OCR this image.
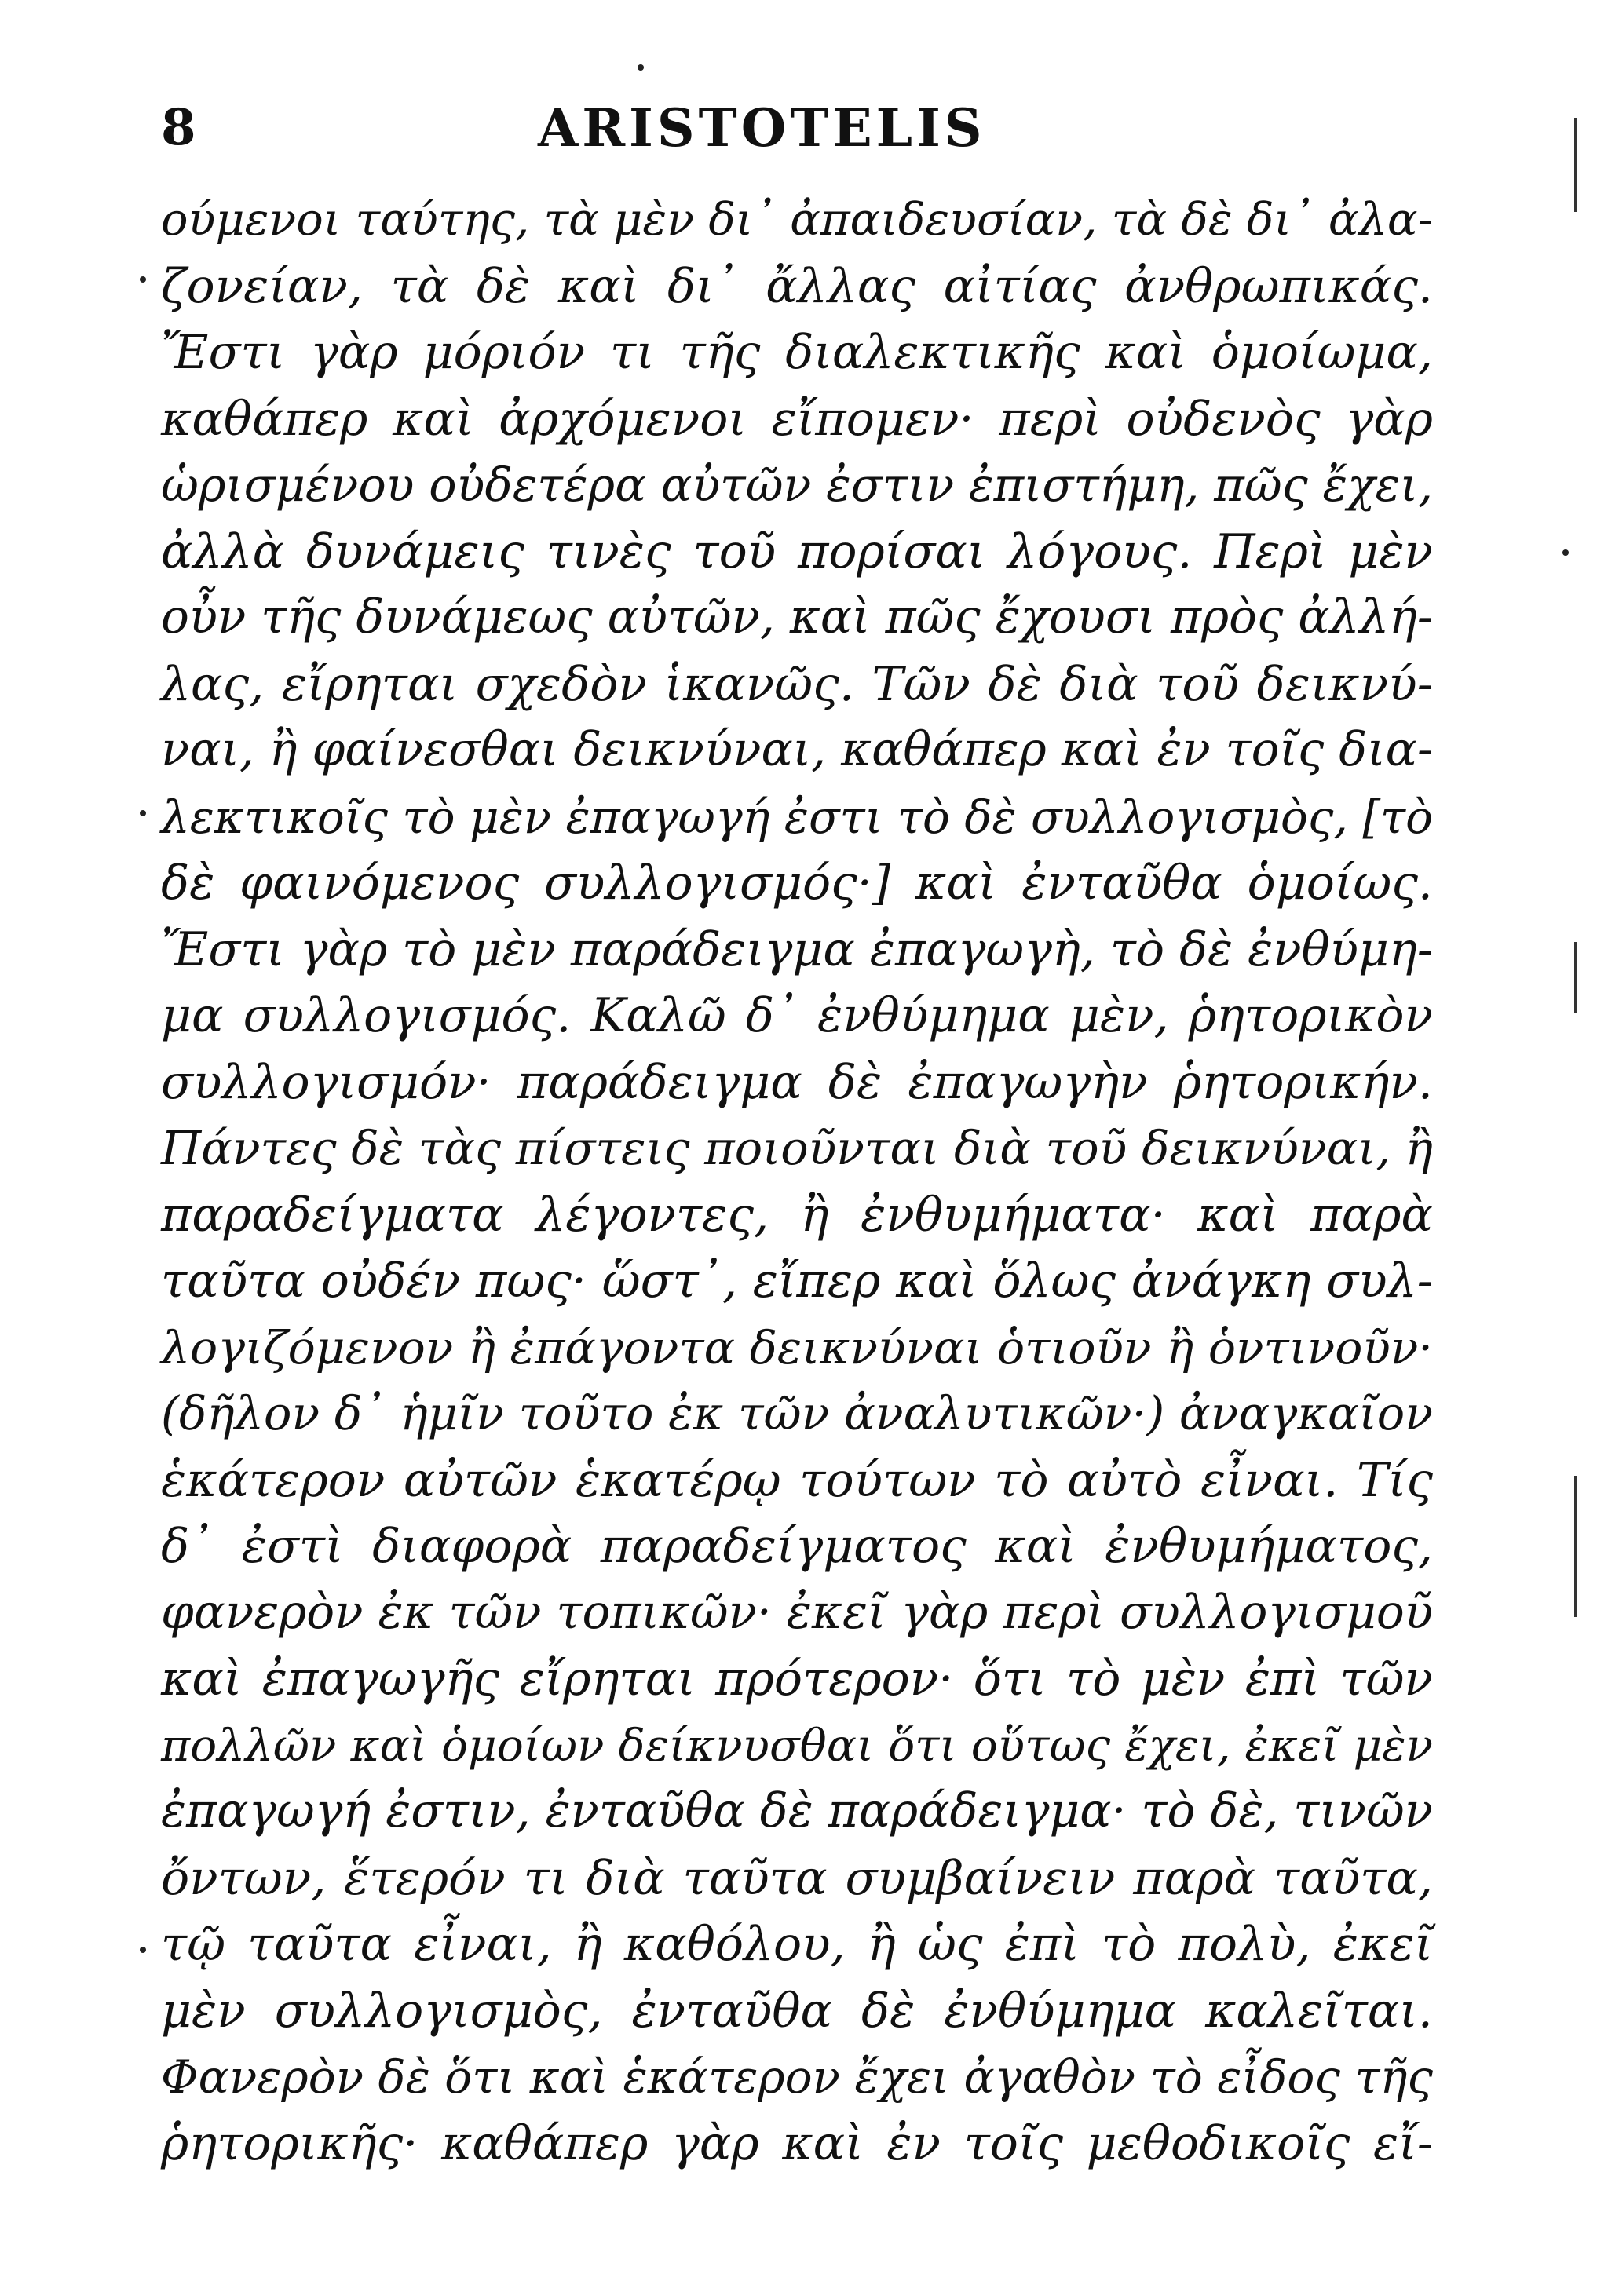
8	ARISTOTELIS
ούμενοι ταύτης, τὰ μὲν δι᾽ ἀπαιδευσίαν, τὰ δὲ δι᾽ ἀλα-
ζονείαν, τὰ δὲ καὶ δι᾽ ἄλλας αἰτίας ἀνθρωπικάς.
Ἔστι γὰρ μόριόν τι τῆς διαλεκτικῆς καὶ ὁμοίωμα,
καθάπερ καὶ ἀρχόμενοι εἴπομεν· περὶ οὐδενὸς γὰρ
ὡρισμένου οὐδετέρα αὐτῶν ἐστιν ἐπιστήμη, πῶς ἔχει,
ἀλλὰ δυνάμεις τινὲς τοῦ πορίσαι λόγους. Περὶ μὲν
οὖν τῆς δυνάμεως αὐτῶν, καὶ πῶς ἔχουσι πρὸς ἀλλή-
λας, εἴρηται σχεδὸν ἱκανῶς. Τῶν δὲ διὰ τοῦ δεικνύ-
ναι, ἢ φαίνεσθαι δεικνύναι, καθάπερ καὶ ἐν τοῖς δια-
λεκτικοῖς τὸ μὲν ἐπαγωγή ἐστι τὸ δὲ συλλογισμὸς, [τὸ
δὲ φαινόμενος συλλογισμός·] καὶ ἐνταῦθα ὁμοίως.
Ἔστι γὰρ τὸ μὲν παράδειγμα ἐπαγωγὴ, τὸ δὲ ἐνθύμη-
μα συλλογισμός. Καλῶ δ᾽ ἐνθύμημα μὲν, ῥητορικὸν
συλλογισμόν· παράδειγμα δὲ ἐπαγωγὴν ῥητορικήν.
Πάντες δὲ τὰς πίστεις ποιοῦνται διὰ τοῦ δεικνύναι, ἢ
παραδείγματα λέγοντες, ἢ ἐνθυμήματα· καὶ παρὰ
ταῦτα οὐδέν πως· ὥστ᾽, εἴπερ καὶ ὅλως ἀνάγκη συλ-
λογιζόμενον ἢ ἐπάγοντα δεικνύναι ὁτιοῦν ἢ ὁντινοῦν·
(δῆλον δ᾽ ἡμῖν τοῦτο ἐκ τῶν ἀναλυτικῶν·) ἀναγκαῖον
ἑκάτερον αὐτῶν ἑκατέρῳ τούτων τὸ αὐτὸ εἶναι. Τίς
δ᾽ ἐστὶ διαφορὰ παραδείγματος καὶ ἐνθυμήματος,
φανερὸν ἐκ τῶν τοπικῶν· ἐκεῖ γὰρ περὶ συλλογισμοῦ
καὶ ἐπαγωγῆς εἴρηται πρότερον· ὅτι τὸ μὲν ἐπὶ τῶν
πολλῶν καὶ ὁμοίων δείκνυσθαι ὅτι οὕτως ἔχει, ἐκεῖ μὲν
ἐπαγωγή ἐστιν, ἐνταῦθα δὲ παράδειγμα· τὸ δὲ, τινῶν
ὄντων, ἕτερόν τι διὰ ταῦτα συμβαίνειν παρὰ ταῦτα,
τῷ ταῦτα εἶναι, ἢ καθόλου, ἢ ὡς ἐπὶ τὸ πολὺ, ἐκεῖ
μὲν συλλογισμὸς, ἐνταῦθα δὲ ἐνθύμημα καλεῖται.
Φανερὸν δὲ ὅτι καὶ ἑκάτερον ἔχει ἀγαθὸν τὸ εἶδος τῆς
ῥητορικῆς· καθάπερ γὰρ καὶ ἐν τοῖς μεθοδικοῖς εἴ-
